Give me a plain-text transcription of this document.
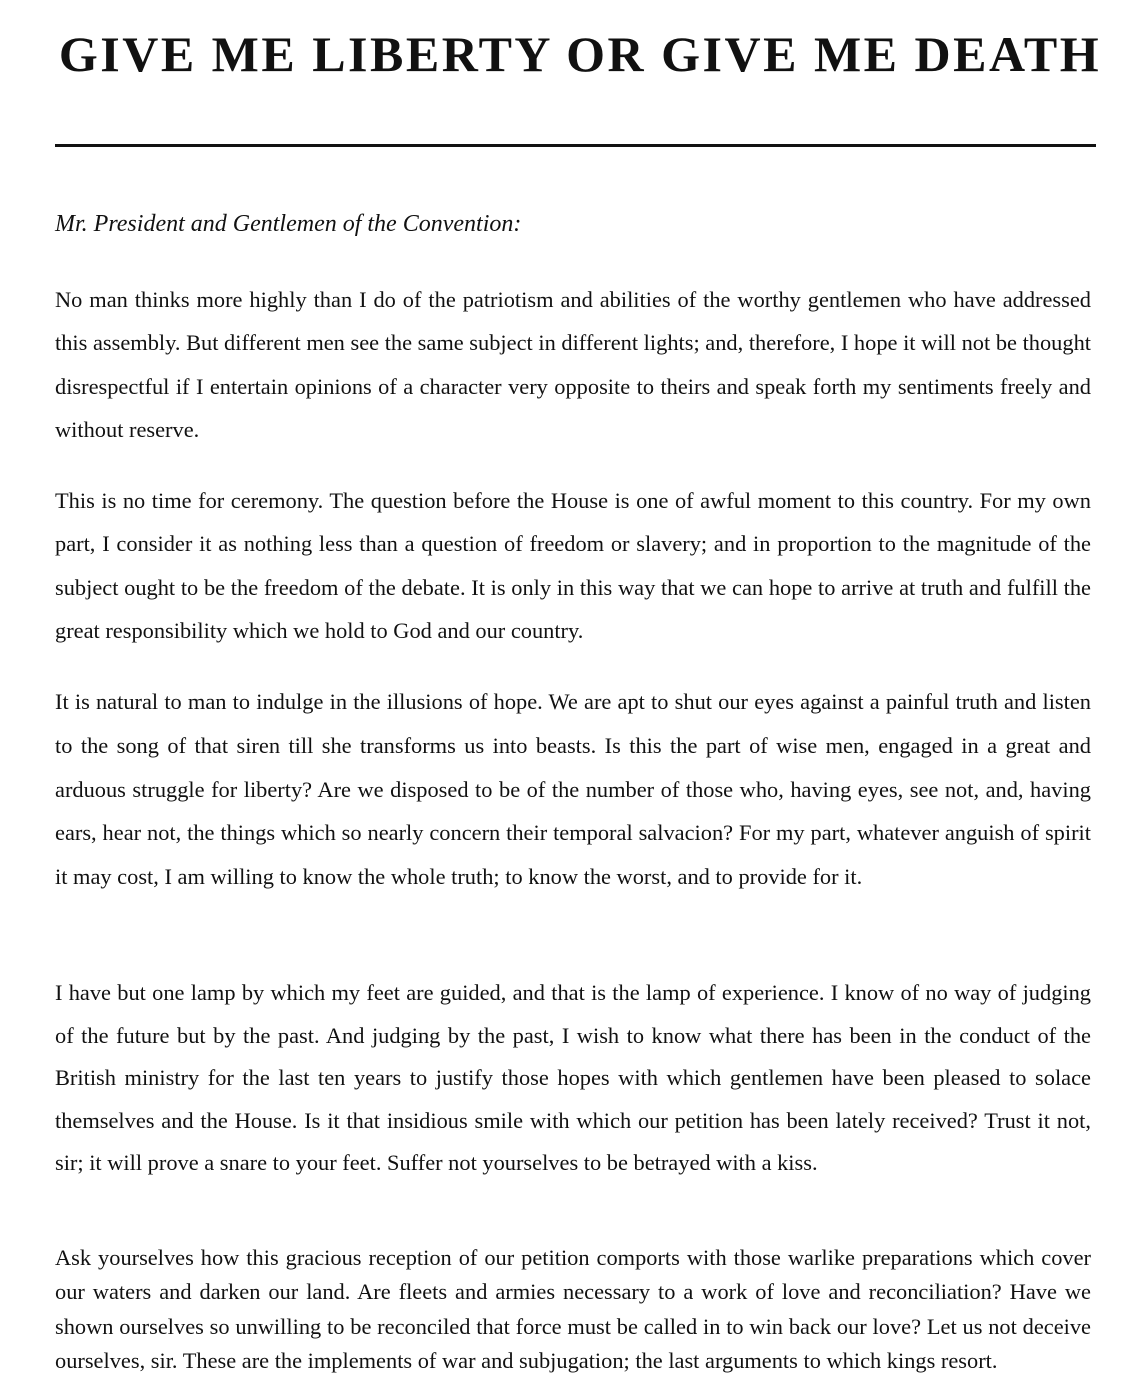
GIVE ME LIBERTY OR GIVE ME DEATH

Mr. President and Gentlemen of the Convention:

No man thinks more highly than I do of the patriotism and abilities of the worthy gentlemen who have addressed this assembly. But different men see the same subject in different lights; and, therefore, I hope it will not be thought disrespectful if I entertain opinions of a character very opposite to theirs and speak forth my sentiments freely and without reserve.

This is no time for ceremony. The question before the House is one of awful moment to this country. For my own part, I consider it as nothing less than a question of freedom or slavery; and in proportion to the magnitude of the subject ought to be the freedom of the debate. It is only in this way that we can hope to arrive at truth and fulfill the great responsibility which we hold to God and our country.

It is natural to man to indulge in the illusions of hope. We are apt to shut our eyes against a painful truth and listen to the song of that siren till she transforms us into beasts. Is this the part of wise men, engaged in a great and arduous struggle for liberty? Are we disposed to be of the number of those who, having eyes, see not, and, having ears, hear not, the things which so nearly concern their temporal salvacion? For my part, whatever anguish of spirit it may cost, I am willing to know the whole truth; to know the worst, and to provide for it.

I have but one lamp by which my feet are guided, and that is the lamp of experience. I know of no way of judging of the future but by the past. And judging by the past, I wish to know what there has been in the conduct of the British ministry for the last ten years to justify those hopes with which gentlemen have been pleased to solace themselves and the House. Is it that insidious smile with which our petition has been lately received? Trust it not, sir; it will prove a snare to your feet. Suffer not yourselves to be betrayed with a kiss.

Ask yourselves how this gracious reception of our petition comports with those warlike preparations which cover our waters and darken our land. Are fleets and armies necessary to a work of love and reconciliation? Have we shown ourselves so unwilling to be reconciled that force must be called in to win back our love? Let us not deceive ourselves, sir. These are the implements of war and subjugation; the last arguments to which kings resort.
